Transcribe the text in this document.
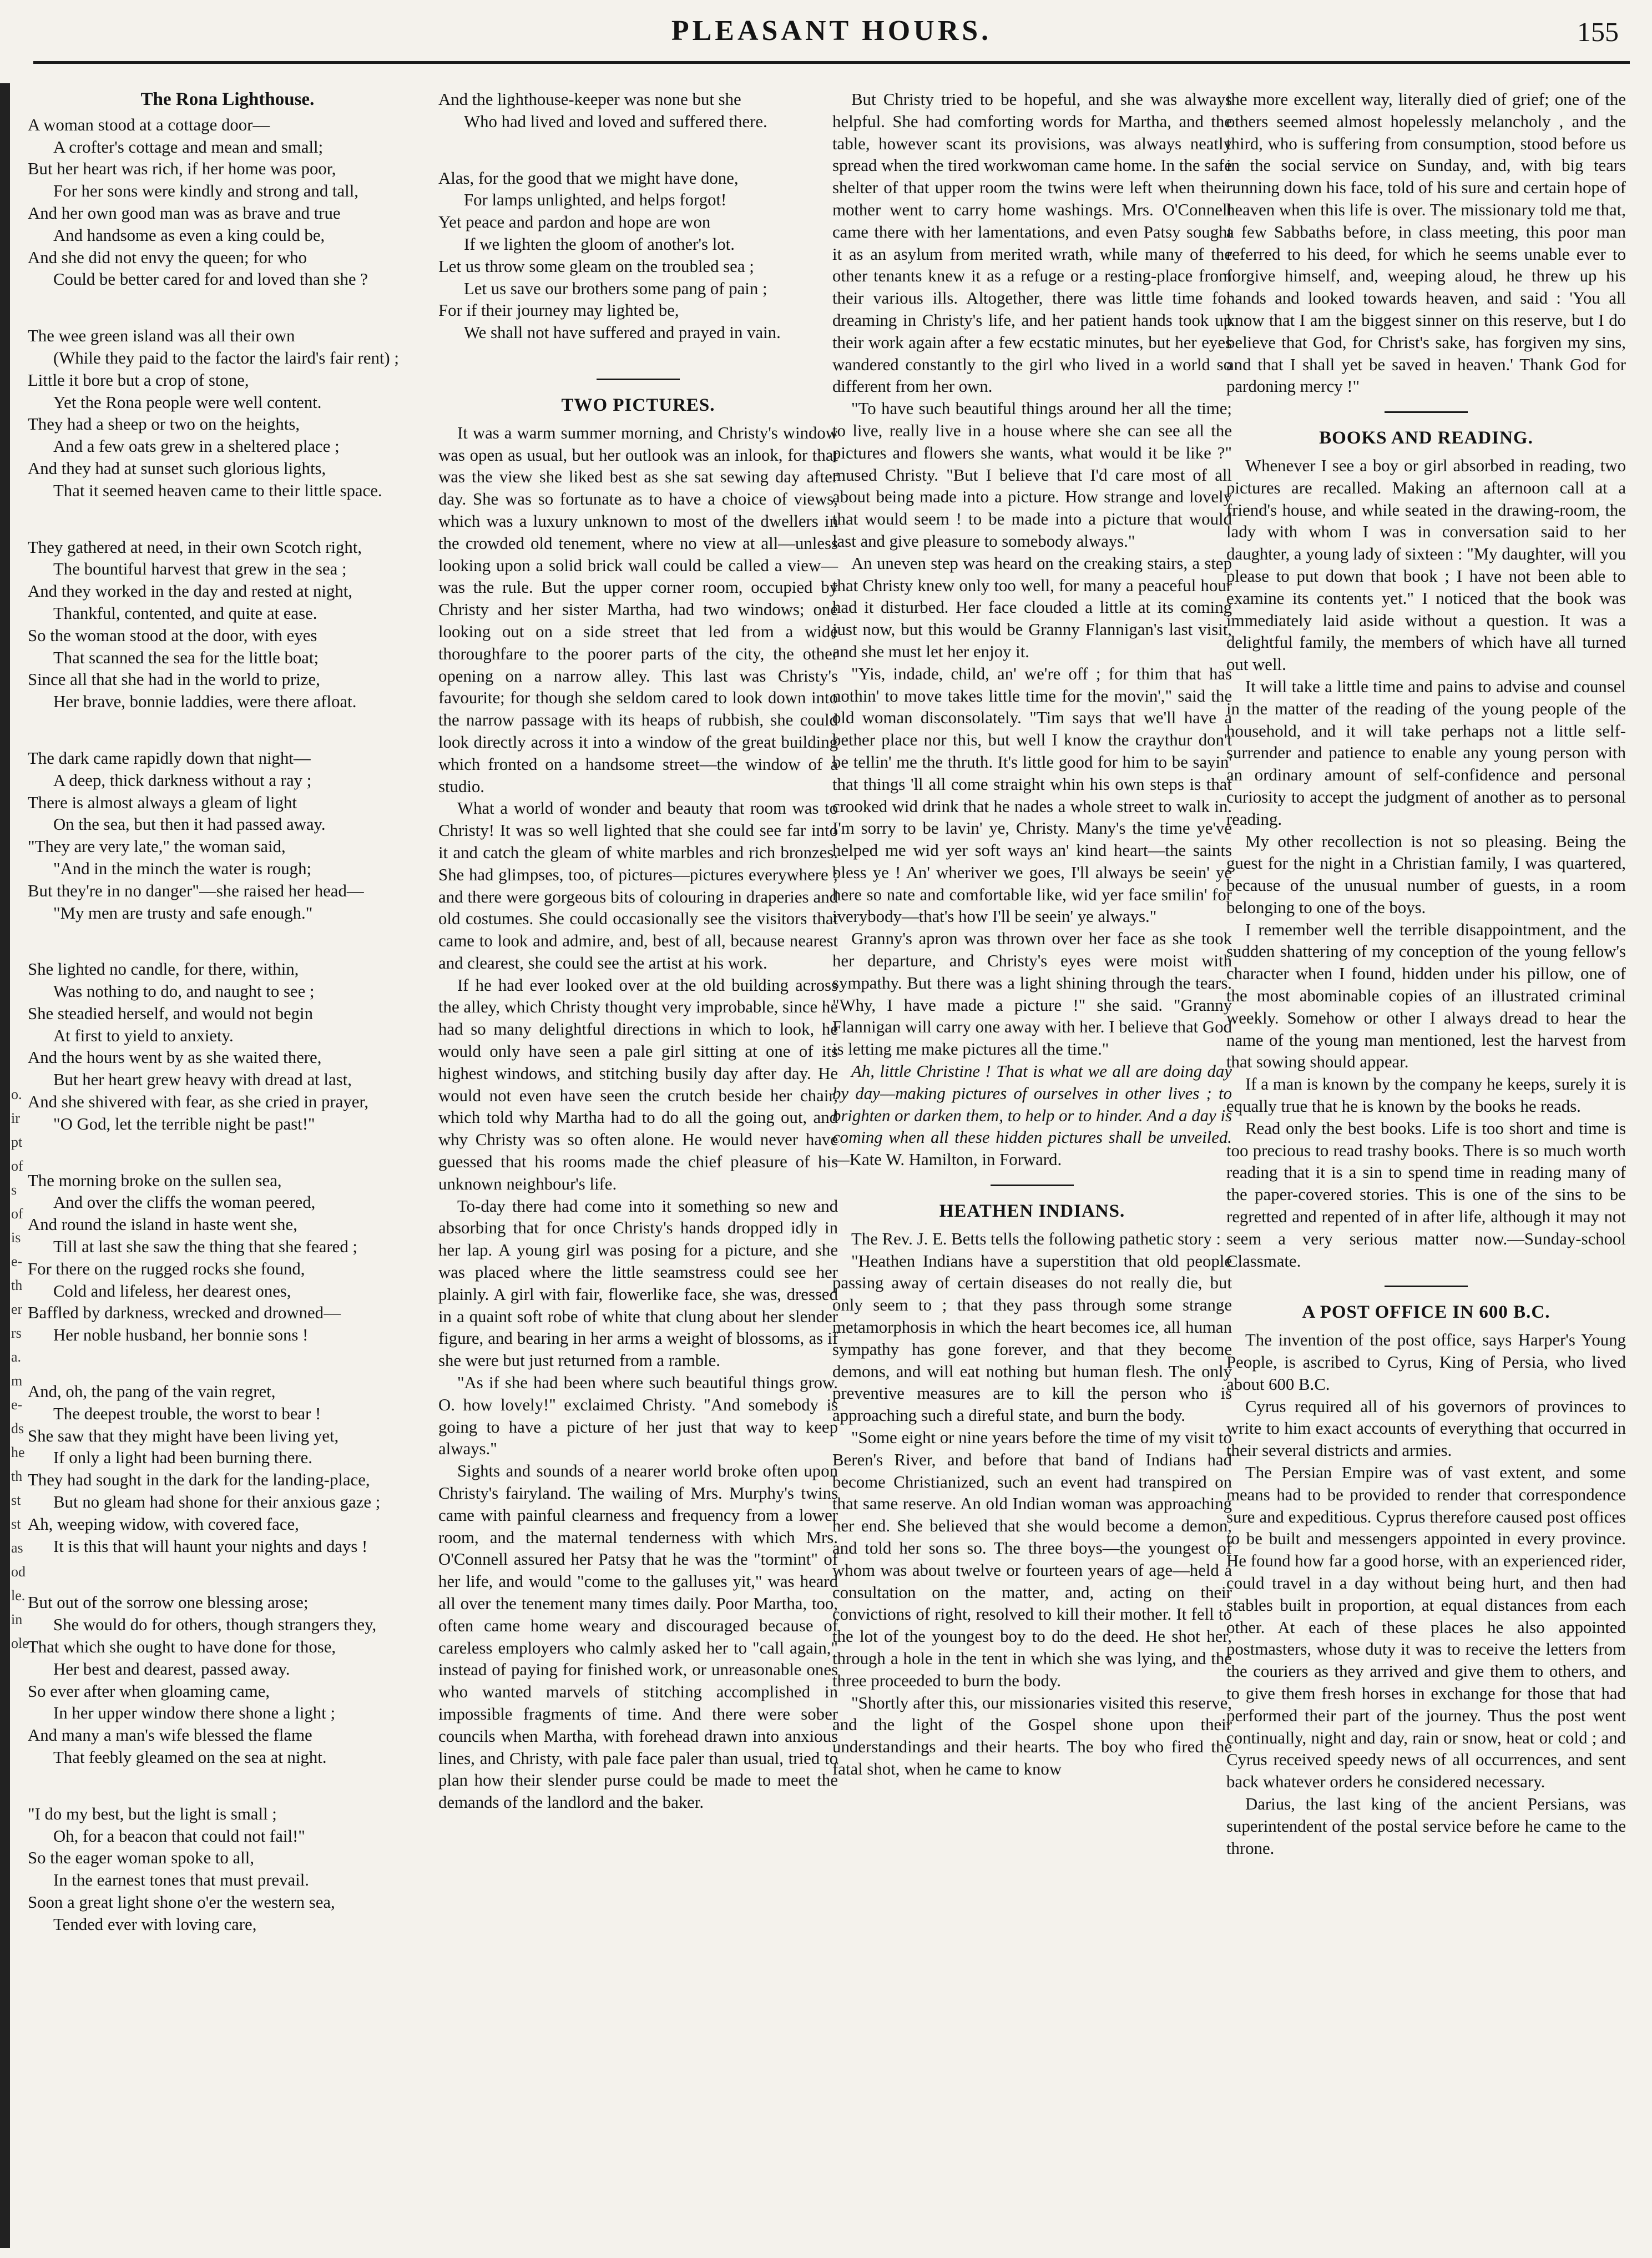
PLEASANT HOURS.	155
o.
ir
pt
of
s
of
is
e-
th
er
rs
a.
m
e-
ds
he
th
st
st
as
od
le.
in
ole
The Rona Lighthouse.
A woman stood at a cottage door—
A crofter's cottage and mean and small;
But her heart was rich, if her home was poor,
For her sons were kindly and strong and tall,
And her own good man was as brave and true
And handsome as even a king could be,
And she did not envy the queen; for who
Could be better cared for and loved than she ?
The wee green island was all their own
(While they paid to the factor the laird's fair rent) ;
Little it bore but a crop of stone,
Yet the Rona people were well content.
They had a sheep or two on the heights,
And a few oats grew in a sheltered place ;
And they had at sunset such glorious lights,
That it seemed heaven came to their little space.
They gathered at need, in their own Scotch right,
The bountiful harvest that grew in the sea ;
And they worked in the day and rested at night,
Thankful, contented, and quite at ease.
So the woman stood at the door, with eyes
That scanned the sea for the little boat;
Since all that she had in the world to prize,
Her brave, bonnie laddies, were there afloat.
The dark came rapidly down that night—
A deep, thick darkness without a ray ;
There is almost always a gleam of light
On the sea, but then it had passed away.
"They are very late," the woman said,
"And in the minch the water is rough;
But they're in no danger"—she raised her head—
"My men are trusty and safe enough."
She lighted no candle, for there, within,
Was nothing to do, and naught to see ;
She steadied herself, and would not begin
At first to yield to anxiety.
And the hours went by as she waited there,
But her heart grew heavy with dread at last,
And she shivered with fear, as she cried in prayer,
"O God, let the terrible night be past!"
The morning broke on the sullen sea,
And over the cliffs the woman peered,
And round the island in haste went she,
Till at last she saw the thing that she feared ;
For there on the rugged rocks she found,
Cold and lifeless, her dearest ones,
Baffled by darkness, wrecked and drowned—
Her noble husband, her bonnie sons !
And, oh, the pang of the vain regret,
The deepest trouble, the worst to bear !
She saw that they might have been living yet,
If only a light had been burning there.
They had sought in the dark for the landing-place,
But no gleam had shone for their anxious gaze ;
Ah, weeping widow, with covered face,
It is this that will haunt your nights and days !
But out of the sorrow one blessing arose;
She would do for others, though strangers they,
That which she ought to have done for those,
Her best and dearest, passed away.
So ever after when gloaming came,
In her upper window there shone a light ;
And many a man's wife blessed the flame
That feebly gleamed on the sea at night.
"I do my best, but the light is small ;
Oh, for a beacon that could not fail!"
So the eager woman spoke to all,
In the earnest tones that must prevail.
Soon a great light shone o'er the western sea,
Tended ever with loving care,
And the lighthouse-keeper was none but she
Who had lived and loved and suffered there.
Alas, for the good that we might have done,
For lamps unlighted, and helps forgot!
Yet peace and pardon and hope are won
If we lighten the gloom of another's lot.
Let us throw some gleam on the troubled sea ;
Let us save our brothers some pang of pain ;
For if their journey may lighted be,
We shall not have suffered and prayed in vain.
TWO PICTURES.

It was a warm summer morning, and Christy's window was open as usual, but her outlook was an inlook, for that was the view she liked best as she sat sewing day after day. She was so fortunate as to have a choice of views, which was a luxury unknown to most of the dwellers in the crowded old tenement, where no view at all—unless looking upon a solid brick wall could be called a view—was the rule. But the upper corner room, occupied by Christy and her sister Martha, had two windows; one looking out on a side street that led from a wide thoroughfare to the poorer parts of the city, the other opening on a narrow alley. This last was Christy's favourite; for though she seldom cared to look down into the narrow passage with its heaps of rubbish, she could look directly across it into a window of the great building which fronted on a handsome street—the window of a studio.

What a world of wonder and beauty that room was to Christy! It was so well lighted that she could see far into it and catch the gleam of white marbles and rich bronzes. She had glimpses, too, of pictures—pictures everywhere ; and there were gorgeous bits of colouring in draperies and old costumes. She could occasionally see the visitors that came to look and admire, and, best of all, because nearest and clearest, she could see the artist at his work.

If he had ever looked over at the old building across the alley, which Christy thought very improbable, since he had so many delightful directions in which to look, he would only have seen a pale girl sitting at one of its highest windows, and stitching busily day after day. He would not even have seen the crutch beside her chair, which told why Martha had to do all the going out, and why Christy was so often alone. He would never have guessed that his rooms made the chief pleasure of his unknown neighbour's life.

To-day there had come into it something so new and absorbing that for once Christy's hands dropped idly in her lap. A young girl was posing for a picture, and she was placed where the little seamstress could see her plainly. A girl with fair, flowerlike face, she was, dressed in a quaint soft robe of white that clung about her slender figure, and bearing in her arms a weight of blossoms, as if she were but just returned from a ramble.

"As if she had been where such beautiful things grow. O. how lovely!" exclaimed Christy. "And somebody is going to have a picture of her just that way to keep always."

Sights and sounds of a nearer world broke often upon Christy's fairyland. The wailing of Mrs. Murphy's twins came with painful clearness and frequency from a lower room, and the maternal tenderness with which Mrs. O'Connell assured her Patsy that he was the "tormint" of her life, and would "come to the galluses yit," was heard all over the tenement many times daily. Poor Martha, too, often came home weary and discouraged because of careless employers who calmly asked her to "call again," instead of paying for finished work, or unreasonable ones who wanted marvels of stitching accomplished in impossible fragments of time. And there were sober councils when Martha, with forehead drawn into anxious lines, and Christy, with pale face paler than usual, tried to plan how their slender purse could be made to meet the demands of the landlord and the baker.

But Christy tried to be hopeful, and she was always helpful. She had comforting words for Martha, and the table, however scant its provisions, was always neatly spread when the tired workwoman came home. In the safe shelter of that upper room the twins were left when their mother went to carry home washings. Mrs. O'Connell came there with her lamentations, and even Patsy sought it as an asylum from merited wrath, while many of the other tenants knew it as a refuge or a resting-place from their various ills. Altogether, there was little time for dreaming in Christy's life, and her patient hands took up their work again after a few ecstatic minutes, but her eyes wandered constantly to the girl who lived in a world so different from her own.

"To have such beautiful things around her all the time; to live, really live in a house where she can see all the pictures and flowers she wants, what would it be like ?" mused Christy. "But I believe that I'd care most of all about being made into a picture. How strange and lovely that would seem ! to be made into a picture that would last and give pleasure to somebody always."

An uneven step was heard on the creaking stairs, a step that Christy knew only too well, for many a peaceful hour had it disturbed. Her face clouded a little at its coming just now, but this would be Granny Flannigan's last visit, and she must let her enjoy it.

"Yis, indade, child, an' we're off ; for thim that has nothin' to move takes little time for the movin'," said the old woman disconsolately. "Tim says that we'll have a bether place nor this, but well I know the craythur don't be tellin' me the thruth. It's little good for him to be sayin' that things 'll all come straight whin his own steps is that crooked wid drink that he nades a whole street to walk in. I'm sorry to be lavin' ye, Christy. Many's the time ye've helped me wid yer soft ways an' kind heart—the saints bless ye ! An' wheriver we goes, I'll always be seein' ye here so nate and comfortable like, wid yer face smilin' for iverybody—that's how I'll be seein' ye always."

Granny's apron was thrown over her face as she took her departure, and Christy's eyes were moist with sympathy. But there was a light shining through the tears. "Why, I have made a picture !" she said. "Granny Flannigan will carry one away with her. I believe that God is letting me make pictures all the time."

Ah, little Christine ! That is what we all are doing day by day—making pictures of ourselves in other lives ; to brighten or darken them, to help or to hinder. And a day is coming when all these hidden pictures shall be unveiled. —Kate W. Hamilton, in Forward.

HEATHEN INDIANS.

The Rev. J. E. Betts tells the following pathetic story :

"Heathen Indians have a superstition that old people passing away of certain diseases do not really die, but only seem to ; that they pass through some strange metamorphosis in which the heart becomes ice, all human sympathy has gone forever, and that they become demons, and will eat nothing but human flesh. The only preventive measures are to kill the person who is approaching such a direful state, and burn the body.

"Some eight or nine years before the time of my visit to Beren's River, and before that band of Indians had become Christianized, such an event had transpired on that same reserve. An old Indian woman was approaching her end. She believed that she would become a demon, and told her sons so. The three boys—the youngest of whom was about twelve or fourteen years of age—held a consultation on the matter, and, acting on their convictions of right, resolved to kill their mother. It fell to the lot of the youngest boy to do the deed. He shot her, through a hole in the tent in which she was lying, and the three proceeded to burn the body.

"Shortly after this, our missionaries visited this reserve, and the light of the Gospel shone upon their understandings and their hearts. The boy who fired the fatal shot, when he came to know

the more excellent way, literally died of grief; one of the others seemed almost hopelessly melancholy , and the third, who is suffering from consumption, stood before us in the social service on Sunday, and, with big tears running down his face, told of his sure and certain hope of heaven when this life is over. The missionary told me that, a few Sabbaths before, in class meeting, this poor man referred to his deed, for which he seems unable ever to forgive himself, and, weeping aloud, he threw up his hands and looked towards heaven, and said : 'You all know that I am the biggest sinner on this reserve, but I do believe that God, for Christ's sake, has forgiven my sins, and that I shall yet be saved in heaven.' Thank God for pardoning mercy !"

BOOKS AND READING.

Whenever I see a boy or girl absorbed in reading, two pictures are recalled. Making an afternoon call at a friend's house, and while seated in the drawing-room, the lady with whom I was in conversation said to her daughter, a young lady of sixteen : "My daughter, will you please to put down that book ; I have not been able to examine its contents yet." I noticed that the book was immediately laid aside without a question. It was a delightful family, the members of which have all turned out well.

It will take a little time and pains to advise and counsel in the matter of the reading of the young people of the household, and it will take perhaps not a little self-surrender and patience to enable any young person with an ordinary amount of self-confidence and personal curiosity to accept the judgment of another as to personal reading.

My other recollection is not so pleasing. Being the guest for the night in a Christian family, I was quartered, because of the unusual number of guests, in a room belonging to one of the boys.

I remember well the terrible disappointment, and the sudden shattering of my conception of the young fellow's character when I found, hidden under his pillow, one of the most abominable copies of an illustrated criminal weekly. Somehow or other I always dread to hear the name of the young man mentioned, lest the harvest from that sowing should appear.

If a man is known by the company he keeps, surely it is equally true that he is known by the books he reads.

Read only the best books. Life is too short and time is too precious to read trashy books. There is so much worth reading that it is a sin to spend time in reading many of the paper-covered stories. This is one of the sins to be regretted and repented of in after life, although it may not seem a very serious matter now.—Sunday-school Classmate.

A POST OFFICE IN 600 B.C.

The invention of the post office, says Harper's Young People, is ascribed to Cyrus, King of Persia, who lived about 600 B.C.

Cyrus required all of his governors of provinces to write to him exact accounts of everything that occurred in their several districts and armies.

The Persian Empire was of vast extent, and some means had to be provided to render that correspondence sure and expeditious. Cyprus therefore caused post offices to be built and messengers appointed in every province. He found how far a good horse, with an experienced rider, could travel in a day without being hurt, and then had stables built in proportion, at equal distances from each other. At each of these places he also appointed postmasters, whose duty it was to receive the letters from the couriers as they arrived and give them to others, and to give them fresh horses in exchange for those that had performed their part of the journey. Thus the post went continually, night and day, rain or snow, heat or cold ; and Cyrus received speedy news of all occurrences, and sent back whatever orders he considered necessary.

Darius, the last king of the ancient Persians, was superintendent of the postal service before he came to the throne.
